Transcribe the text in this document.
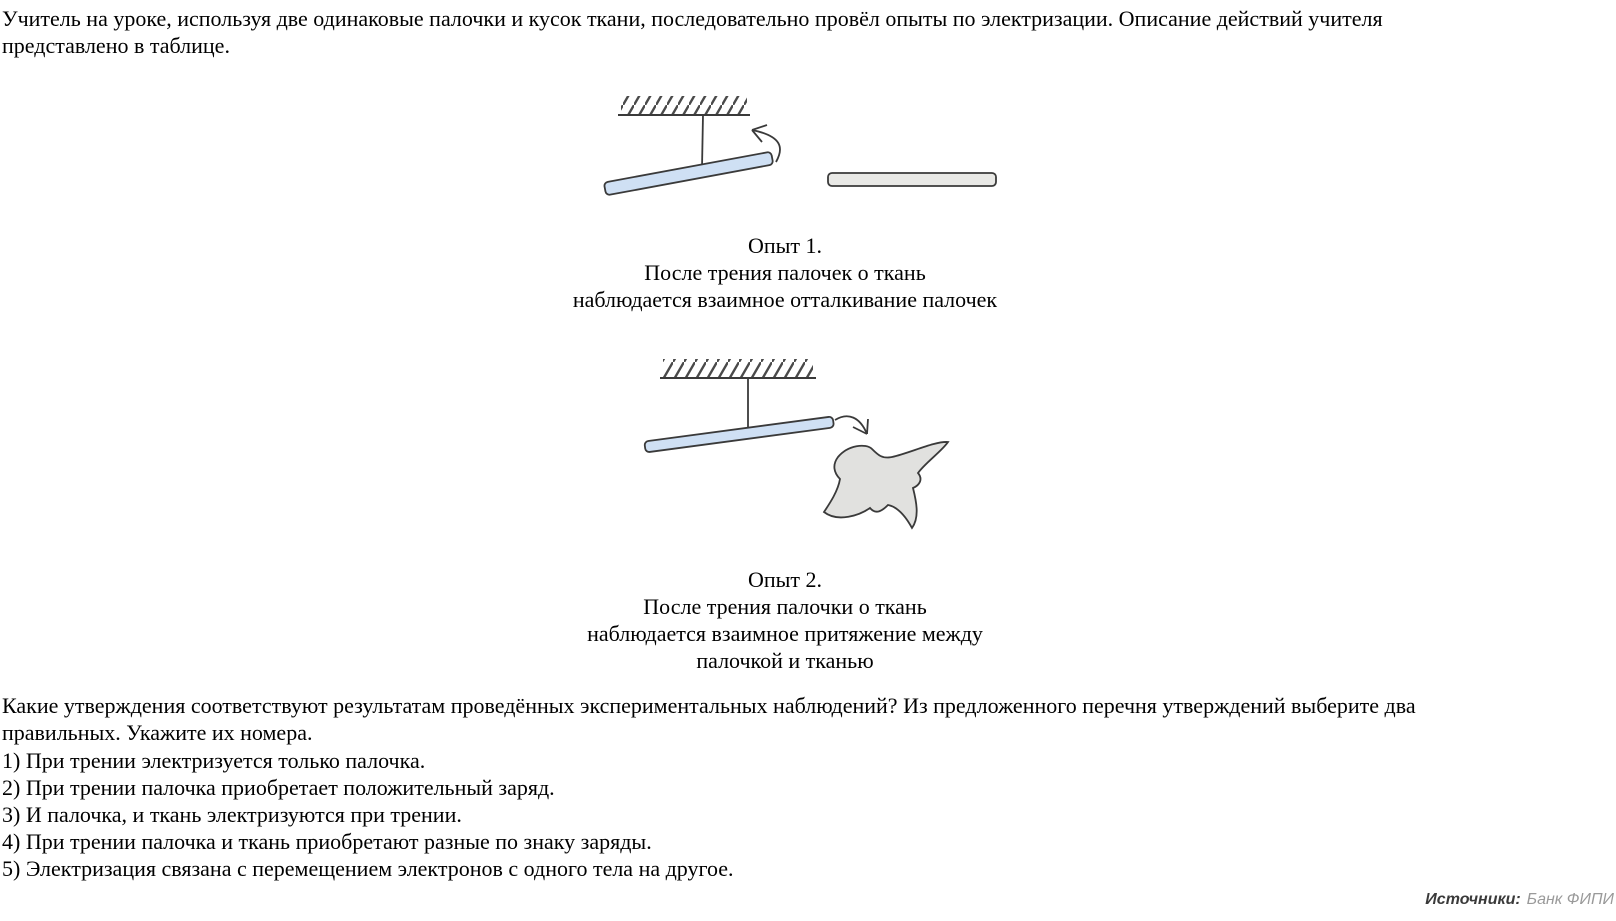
Учитель на уроке, используя две одинаковые палочки и кусок ткани, последовательно провёл опыты по электризации. Описание действий учителя
представлено в таблице.
Опыт 1.
После трения палочек о ткань
наблюдается взаимное отталкивание палочек
Опыт 2.
После трения палочки о ткань
наблюдается взаимное притяжение между
палочкой и тканью
Какие утверждения соответствуют результатам проведённых экспериментальных наблюдений? Из предложенного перечня утверждений выберите два
правильных. Укажите их номера.
1) При трении электризуется только палочка.
2) При трении палочка приобретает положительный заряд.
3) И палочка, и ткань электризуются при трении.
4) При трении палочка и ткань приобретают разные по знаку заряды.
5) Электризация связана с перемещением электронов с одного тела на другое.
Источники: Банк ФИПИ
